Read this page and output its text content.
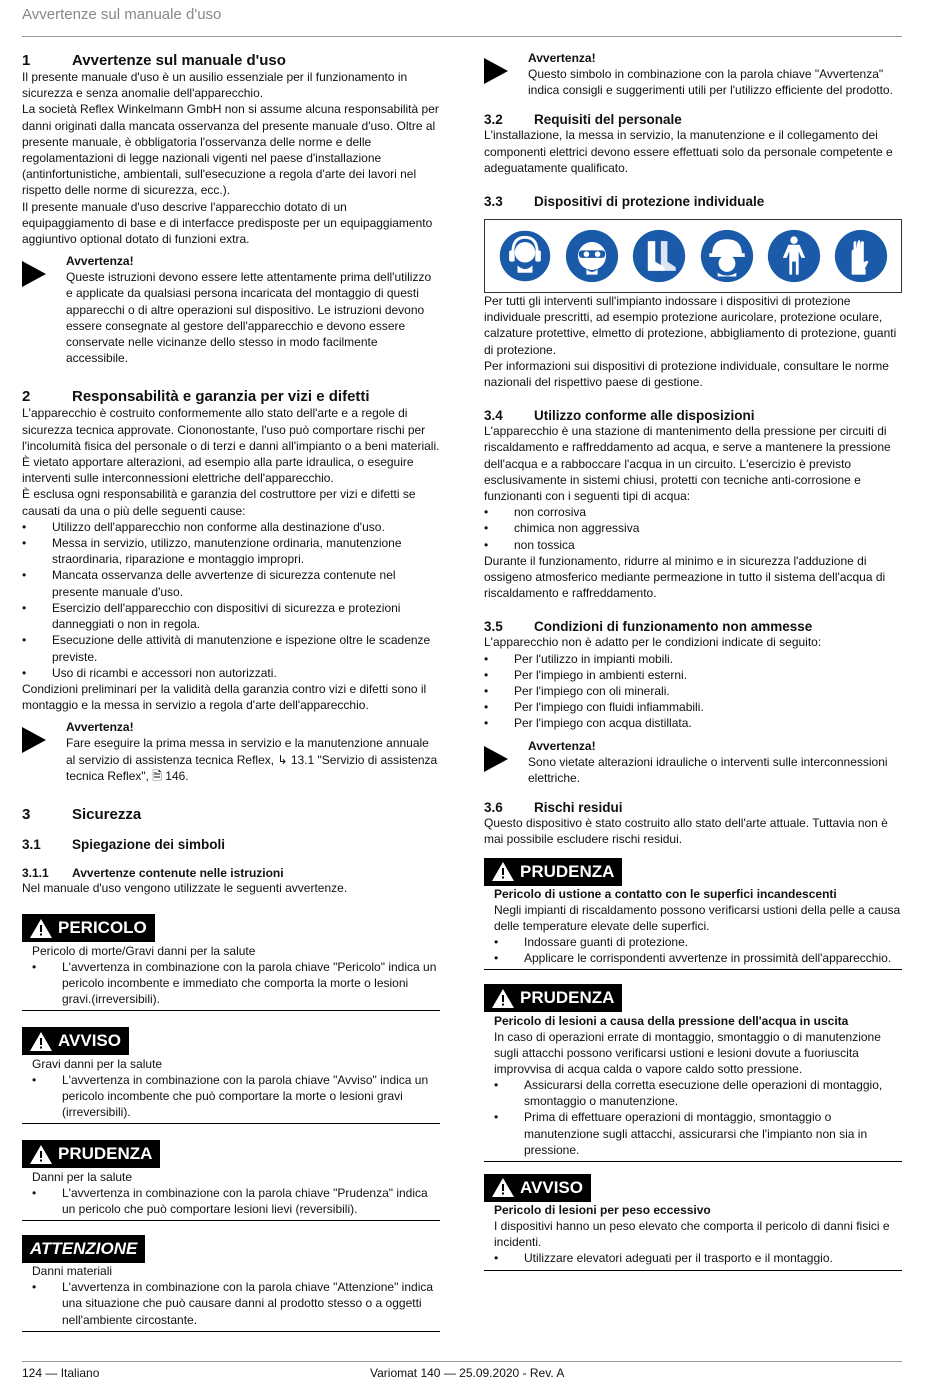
Avvertenze sul manuale d'uso
1	Avvertenze sul manuale d'uso

Il presente manuale d'uso è un ausilio essenziale per il funzionamento in sicurezza e senza anomalie dell'apparecchio.

La società Reflex Winkelmann GmbH non si assume alcuna responsabilità per danni originati dalla mancata osservanza del presente manuale d'uso. Oltre al presente manuale, è obbligatoria l'osservanza delle norme e delle regolamentazioni di legge nazionali vigenti nel paese d'installazione (antinfortunistiche, ambientali, sull'esecuzione a regola d'arte dei lavori nel rispetto delle norme di sicurezza, ecc.).

Il presente manuale d'uso descrive l'apparecchio dotato di un equipaggiamento di base e di interfacce predisposte per un equipaggiamento aggiuntivo optional dotato di funzioni extra.

Avvertenza!
Queste istruzioni devono essere lette attentamente prima dell'utilizzo e applicate da qualsiasi persona incaricata del montaggio di questi apparecchi o di altre operazioni sul dispositivo. Le istruzioni devono essere consegnate al gestore dell'apparecchio e devono essere conservate nelle vicinanze dello stesso in modo facilmente accessibile.
2	Responsabilità e garanzia per vizi e difetti

L'apparecchio è costruito conformemente allo stato dell'arte e a regole di sicurezza tecnica approvate. Ciononostante, l'uso può comportare rischi per l'incolumità fisica del personale o di terzi e danni all'impianto o a beni materiali.

È vietato apportare alterazioni, ad esempio alla parte idraulica, o eseguire interventi sulle interconnessioni elettriche dell'apparecchio.

È esclusa ogni responsabilità e garanzia del costruttore per vizi e difetti se causati da una o più delle seguenti cause:

• Utilizzo dell'apparecchio non conforme alla destinazione d'uso.
• Messa in servizio, utilizzo, manutenzione ordinaria, manutenzione straordinaria, riparazione e montaggio impropri.
• Mancata osservanza delle avvertenze di sicurezza contenute nel presente manuale d'uso.
• Esercizio dell'apparecchio con dispositivi di sicurezza e protezioni danneggiati o non in regola.
• Esecuzione delle attività di manutenzione e ispezione oltre le scadenze previste.
• Uso di ricambi e accessori non autorizzati.

Condizioni preliminari per la validità della garanzia contro vizi e difetti sono il montaggio e la messa in servizio a regola d'arte dell'apparecchio.

Avvertenza!
Fare eseguire la prima messa in servizio e la manutenzione annuale al servizio di assistenza tecnica Reflex, ↳ 13.1 "Servizio di assistenza tecnica Reflex", 🗎 146.
3	Sicurezza
3.1	Spiegazione dei simboli
3.1.1	Avvertenze contenute nelle istruzioni

Nel manuale d'uso vengono utilizzate le seguenti avvertenze.

PERICOLO
Pericolo di morte/Gravi danni per la salute
• L'avvertenza in combinazione con la parola chiave "Pericolo" indica un pericolo incombente e immediato che comporta la morte o lesioni gravi.(irreversibili).
AVVISO
Gravi danni per la salute
• L'avvertenza in combinazione con la parola chiave "Avviso" indica un pericolo incombente che può comportare la morte o lesioni gravi (irreversibili).
PRUDENZA
Danni per la salute
• L'avvertenza in combinazione con la parola chiave "Prudenza" indica un pericolo che può comportare lesioni lievi (reversibili).
ATTENZIONE
Danni materiali
• L'avvertenza in combinazione con la parola chiave "Attenzione" indica una situazione che può causare danni al prodotto stesso o a oggetti nell'ambiente circostante.
Avvertenza!
Questo simbolo in combinazione con la parola chiave "Avvertenza" indica consigli e suggerimenti utili per l'utilizzo efficiente del prodotto.
3.2	Requisiti del personale

L'installazione, la messa in servizio, la manutenzione e il collegamento dei componenti elettrici devono essere effettuati solo da personale competente e adeguatamente qualificato.

3.3	Dispositivi di protezione individuale

Per tutti gli interventi sull'impianto indossare i dispositivi di protezione individuale prescritti, ad esempio protezione auricolare, protezione oculare, calzature protettive, elmetto di protezione, abbigliamento di protezione, guanti di protezione.

Per informazioni sui dispositivi di protezione individuale, consultare le norme nazionali del rispettivo paese di gestione.

3.4	Utilizzo conforme alle disposizioni

L'apparecchio è una stazione di mantenimento della pressione per circuiti di riscaldamento e raffreddamento ad acqua, e serve a mantenere la pressione dell'acqua e a rabboccare l'acqua in un circuito. L'esercizio è previsto esclusivamente in sistemi chiusi, protetti con tecniche anti-corrosione e funzionanti con i seguenti tipi di acqua:

• non corrosiva
• chimica non aggressiva
• non tossica

Durante il funzionamento, ridurre al minimo e in sicurezza l'adduzione di ossigeno atmosferico mediante permeazione in tutto il sistema dell'acqua di riscaldamento e raffreddamento.

3.5	Condizioni di funzionamento non ammesse

L'apparecchio non è adatto per le condizioni indicate di seguito:

• Per l'utilizzo in impianti mobili.
• Per l'impiego in ambienti esterni.
• Per l'impiego con oli minerali.
• Per l'impiego con fluidi infiammabili.
• Per l'impiego con acqua distillata.
Avvertenza!
Sono vietate alterazioni idrauliche o interventi sulle interconnessioni elettriche.
3.6	Rischi residui

Questo dispositivo è stato costruito allo stato dell'arte attuale. Tuttavia non è mai possibile escludere rischi residui.

PRUDENZA
Pericolo di ustione a contatto con le superfici incandescenti
Negli impianti di riscaldamento possono verificarsi ustioni della pelle a causa delle temperature elevate delle superfici.
• Indossare guanti di protezione.
• Applicare le corrispondenti avvertenze in prossimità dell'apparecchio.
PRUDENZA
Pericolo di lesioni a causa della pressione dell'acqua in uscita
In caso di operazioni errate di montaggio, smontaggio o di manutenzione sugli attacchi possono verificarsi ustioni e lesioni dovute a fuoriuscita improvvisa di acqua calda o vapore caldo sotto pressione.
• Assicurarsi della corretta esecuzione delle operazioni di montaggio, smontaggio o manutenzione.
• Prima di effettuare operazioni di montaggio, smontaggio o manutenzione sugli attacchi, assicurarsi che l'impianto non sia in pressione.
AVVISO
Pericolo di lesioni per peso eccessivo
I dispositivi hanno un peso elevato che comporta il pericolo di danni fisici e incidenti.
• Utilizzare elevatori adeguati per il trasporto e il montaggio.
124 — Italiano	Variomat 140 — 25.09.2020 - Rev. A
